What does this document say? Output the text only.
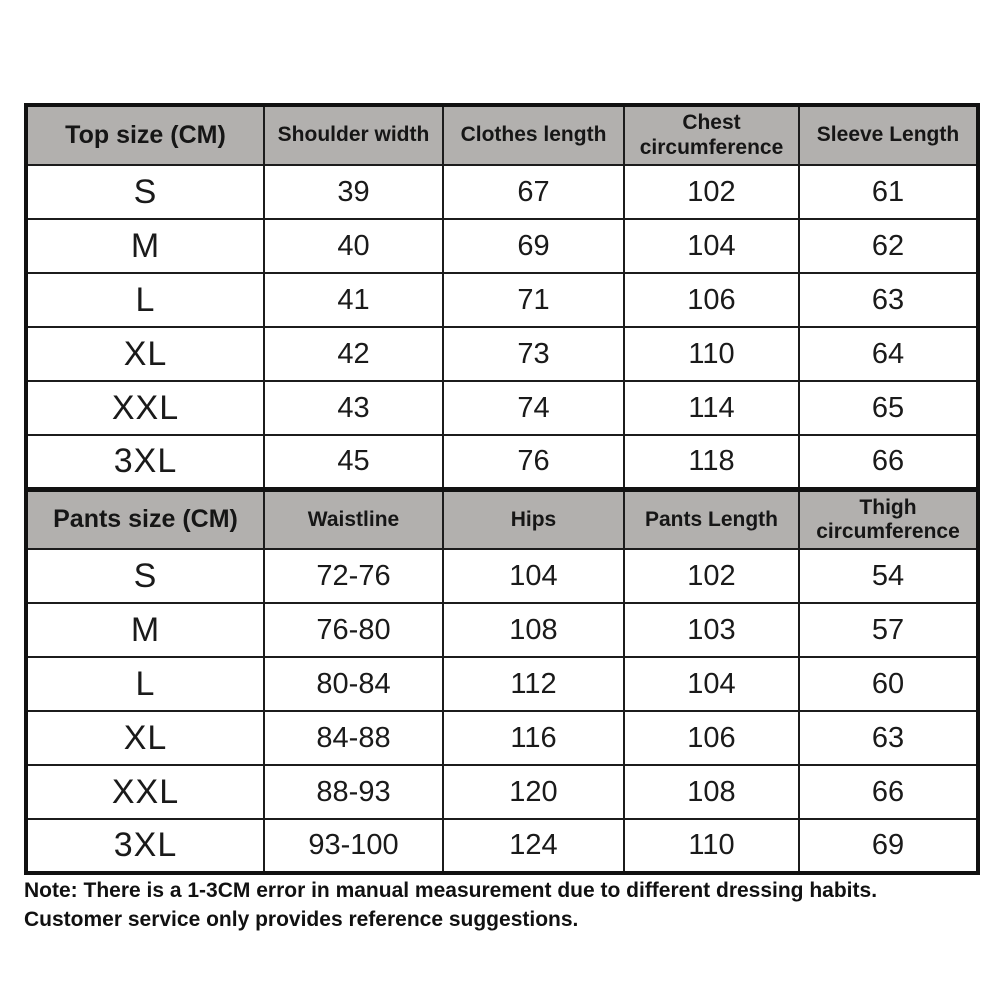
Top size (CM)	Shoulder width	Clothes length	Chest circumference	Sleeve Length
S	39	67	102	61
M	40	69	104	62
L	41	71	106	63
XL	42	73	110	64
XXL	43	74	114	65
3XL	45	76	118	66
Pants size (CM)	Waistline	Hips	Pants Length	Thigh circumference
S	72-76	104	102	54
M	76-80	108	103	57
L	80-84	112	104	60
XL	84-88	116	106	63
XXL	88-93	120	108	66
3XL	93-100	124	110	69

Note: There is a 1-3CM error in manual measurement due to different dressing habits. Customer service only provides reference suggestions.
